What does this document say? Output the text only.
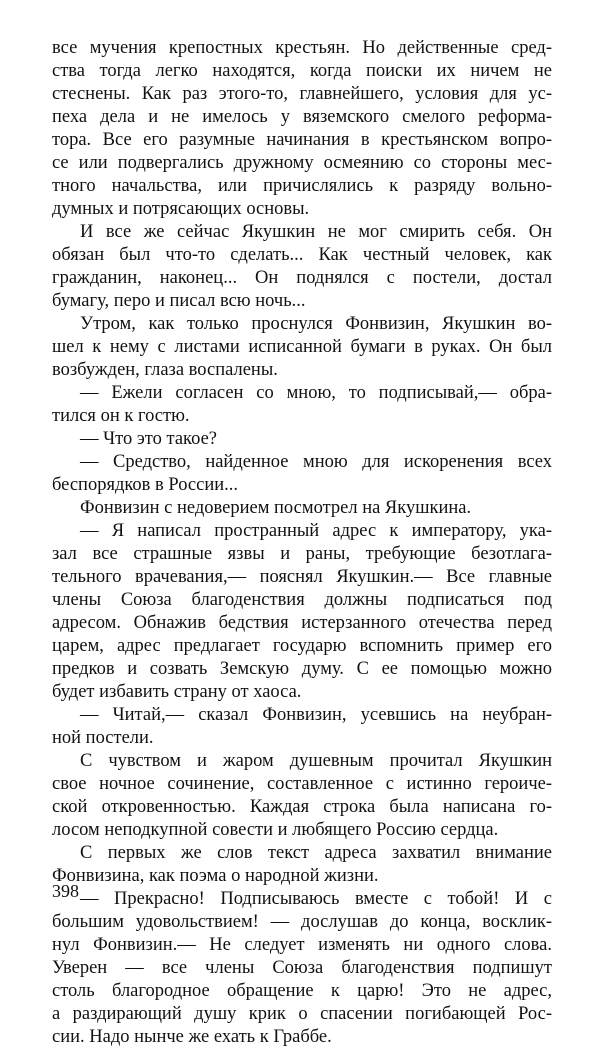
все мучения крепостных крестьян. Но действенные сред-
ства тогда легко находятся, когда поиски их ничем не
стеснены. Как раз этого-то, главнейшего, условия для ус-
пеха дела и не имелось у вяземского смелого реформа-
тора. Все его разумные начинания в крестьянском вопро-
се или подвергались дружному осмеянию со стороны мес-
тного начальства, или причислялись к разряду вольно-
думных и потрясающих основы.
И все же сейчас Якушкин не мог смирить себя. Он
обязан был что-то сделать... Как честный человек, как
гражданин, наконец... Он поднялся с постели, достал
бумагу, перо и писал всю ночь...
Утром, как только проснулся Фонвизин, Якушкин во-
шел к нему с листами исписанной бумаги в руках. Он был
возбужден, глаза воспалены.
— Ежели согласен со мною, то подписывай,— обра-
тился он к гостю.
— Что это такое?
— Средство, найденное мною для искоренения всех
беспорядков в России...
Фонвизин с недоверием посмотрел на Якушкина.
— Я написал пространный адрес к императору, ука-
зал все страшные язвы и раны, требующие безотлага-
тельного врачевания,— пояснял Якушкин.— Все главные
члены Союза благоденствия должны подписаться под
адресом. Обнажив бедствия истерзанного отечества перед
царем, адрес предлагает государю вспомнить пример его
предков и созвать Земскую думу. С ее помощью можно
будет избавить страну от хаоса.
— Читай,— сказал Фонвизин, усевшись на неубран-
ной постели.
С чувством и жаром душевным прочитал Якушкин
свое ночное сочинение, составленное с истинно героиче-
ской откровенностью. Каждая строка была написана го-
лосом неподкупной совести и любящего Россию сердца.
С первых же слов текст адреса захватил внимание
Фонвизина, как поэма о народной жизни.
— Прекрасно! Подписываюсь вместе с тобой! И с
большим удовольствием! — дослушав до конца, восклик-
нул Фонвизин.— Не следует изменять ни одного слова.
Уверен — все члены Союза благоденствия подпишут
столь благородное обращение к царю! Это не адрес,
а раздирающий душу крик о спасении погибающей Рос-
сии. Надо нынче же ехать к Граббе.
398
